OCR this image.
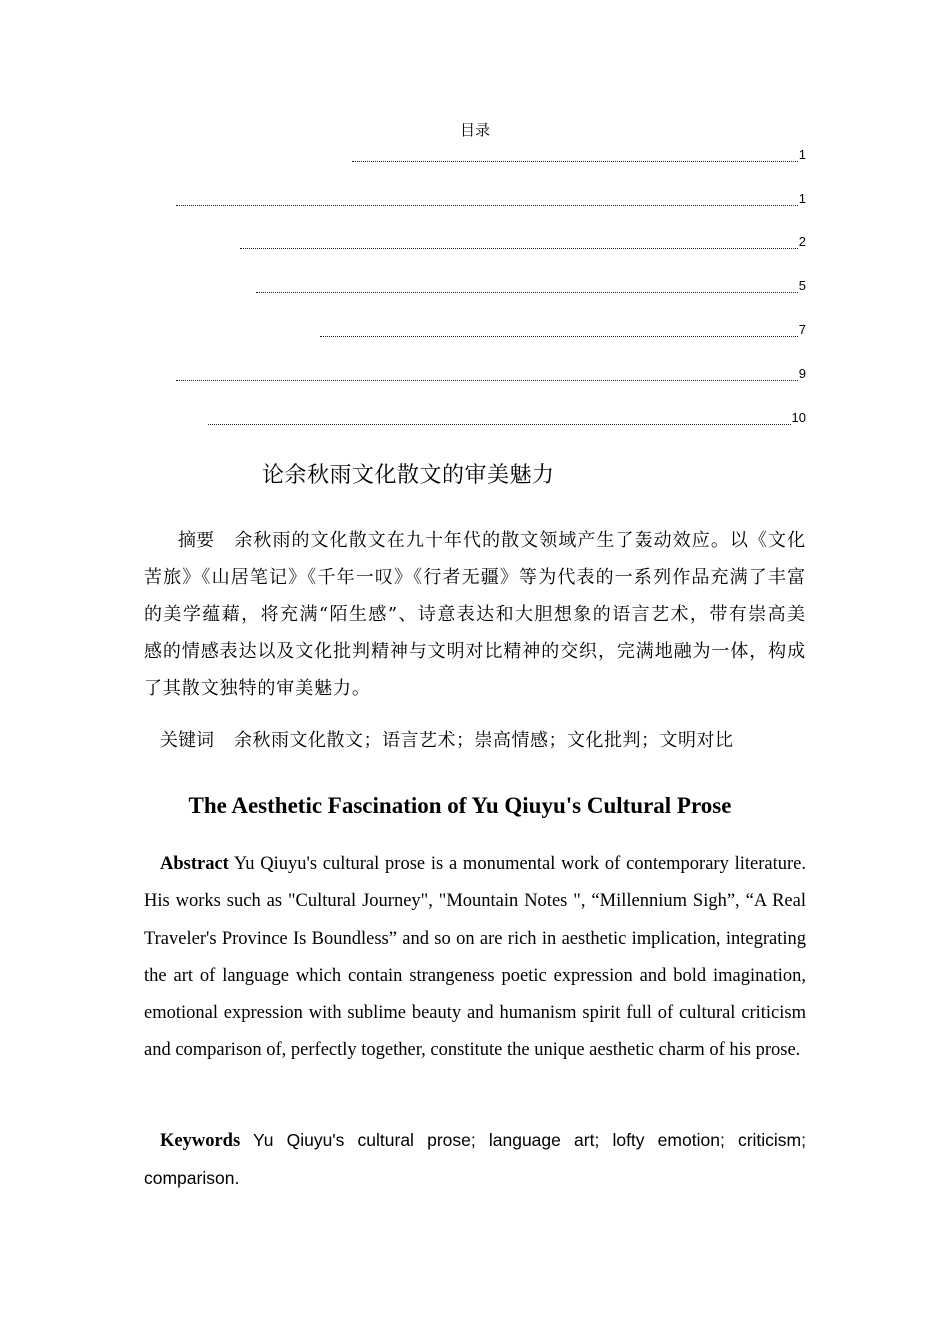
目录
1
1
2
5
7
9
10
论余秋雨文化散文的审美魅力
摘要 余秋雨的文化散文在九十年代的散文领域产生了轰动效应。以《文化苦旅》《山居笔记》《千年一叹》《行者无疆》等为代表的一系列作品充满了丰富的美学蕴藉，将充满“陌生感”、诗意表达和大胆想象的语言艺术，带有崇高美感的情感表达以及文化批判精神与文明对比精神的交织，完满地融为一体，构成了其散文独特的审美魅力。
关键词 余秋雨文化散文；语言艺术；崇高情感；文化批判；文明对比
The Aesthetic Fascination of Yu Qiuyu's Cultural Prose
Abstract Yu Qiuyu's cultural prose is a monumental work of contemporary literature. His works such as "Cultural Journey", "Mountain Notes ", “Millennium Sigh”, “A Real Traveler's Province Is Boundless” and so on are rich in aesthetic implication, integrating the art of language which contain strangeness poetic expression and bold imagination, emotional expression with sublime beauty and humanism spirit full of cultural criticism and comparison of, perfectly together, constitute the unique aesthetic charm of his prose.
Keywords Yu Qiuyu's cultural prose; language art; lofty emotion; criticism; comparison.
